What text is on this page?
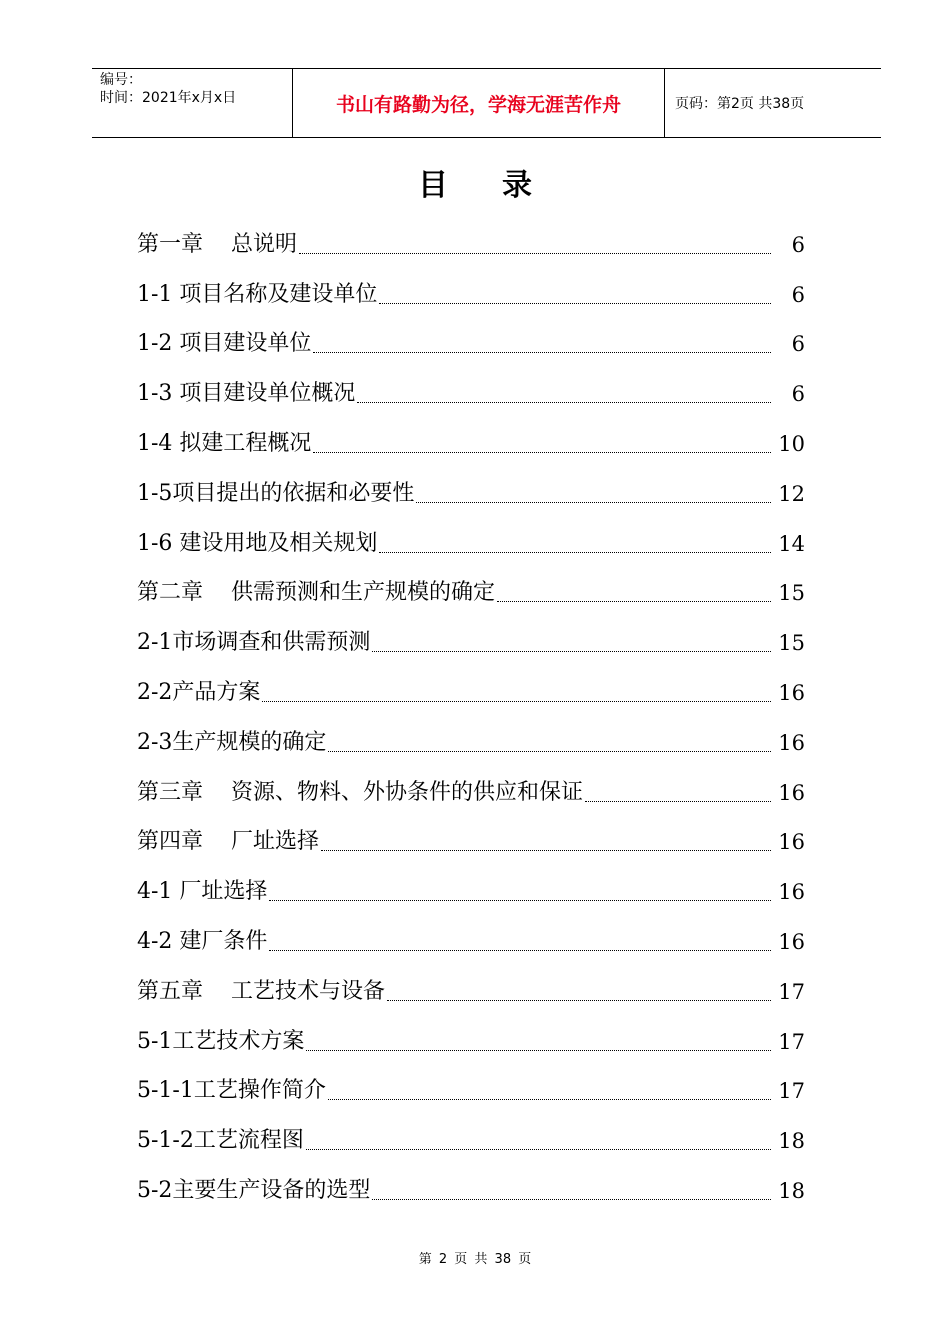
编号：
时间：2021年x月x日	书山有路勤为径，学海无涯苦作舟	页码：第2页 共38页
目录
第一章    总说明	6
1-1 项目名称及建设单位	6
1-2 项目建设单位	6
1-3 项目建设单位概况	6
1-4 拟建工程概况	10
1-5项目提出的依据和必要性	12
1-6 建设用地及相关规划	14
第二章    供需预测和生产规模的确定	15
2-1市场调查和供需预测	15
2-2产品方案	16
2-3生产规模的确定	16
第三章    资源、物料、外协条件的供应和保证	16
第四章    厂址选择	16
4-1 厂址选择	16
4-2 建厂条件	16
第五章    工艺技术与设备	17
5-1工艺技术方案	17
5-1-1工艺操作简介	17
5-1-2工艺流程图	18
5-2主要生产设备的选型	18
第 2 页 共 38 页
